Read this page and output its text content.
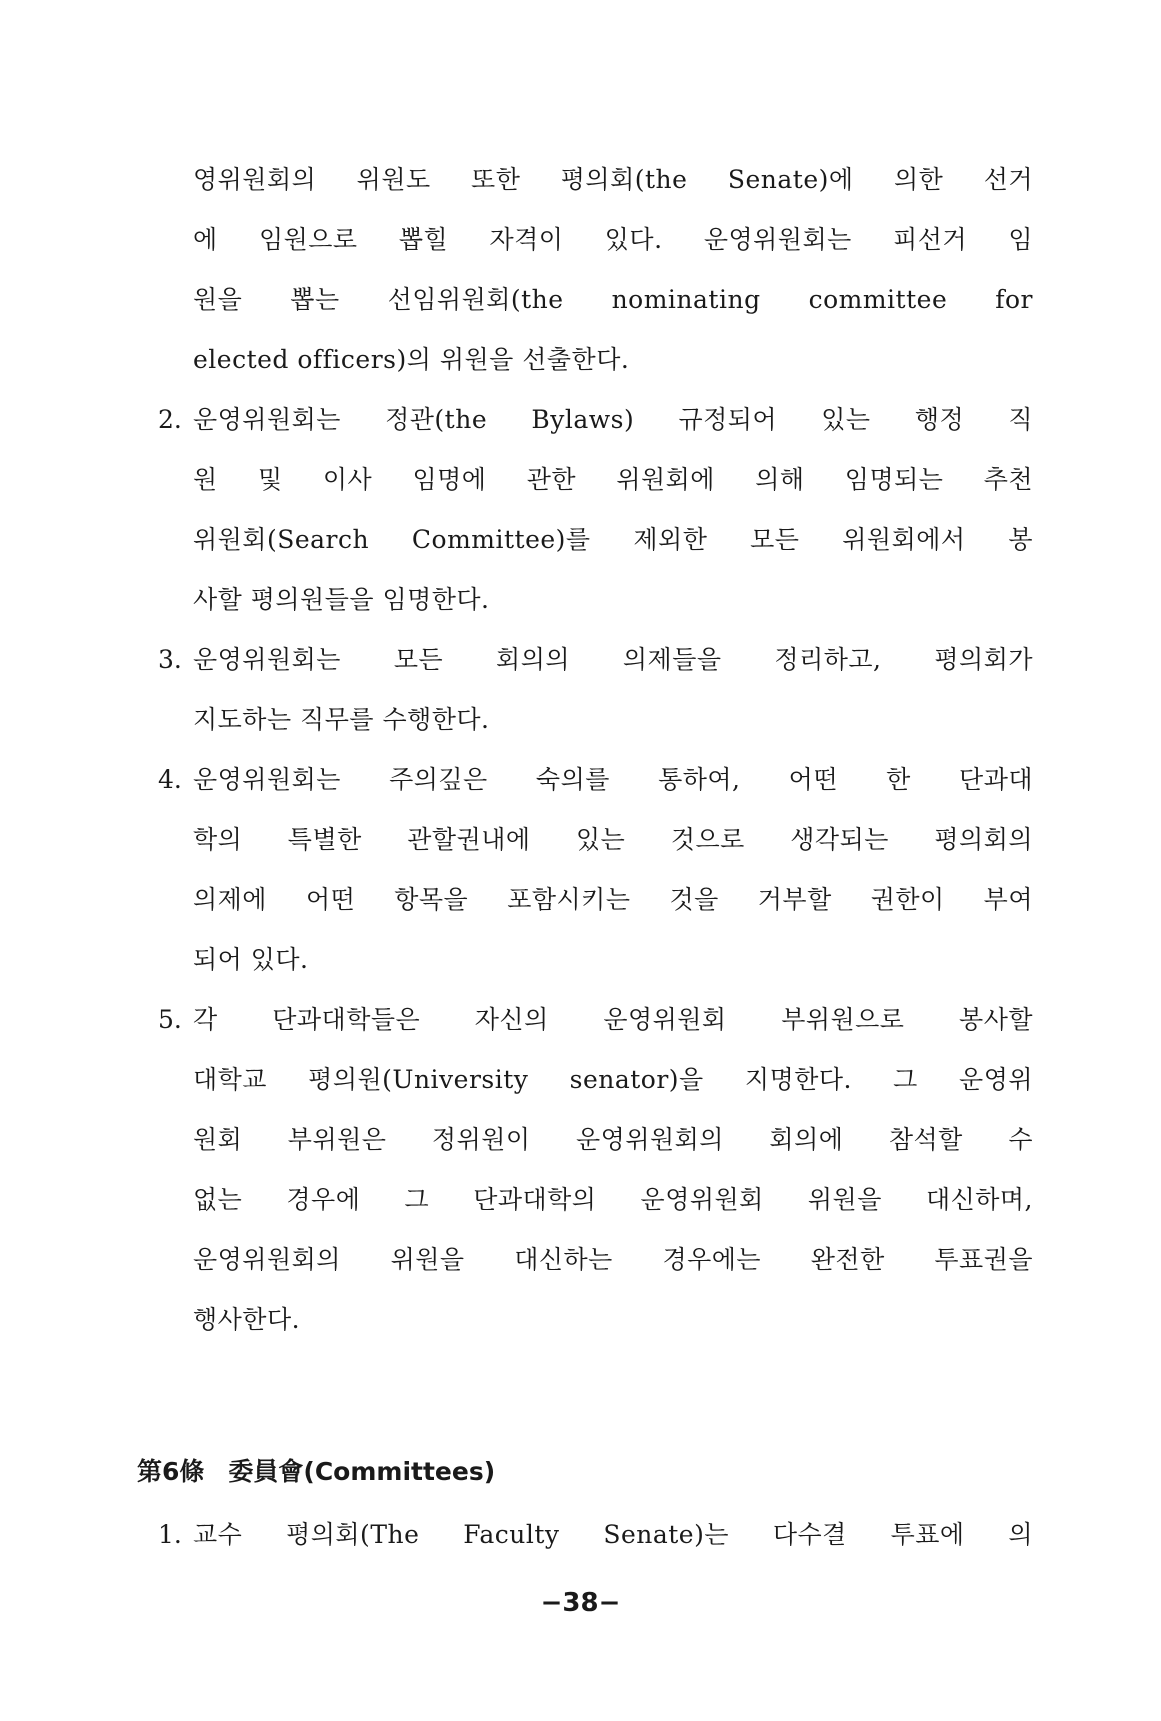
영위원회의 위원도 또한 평의회(the Senate)에 의한 선거
에 임원으로 뽑힐 자격이 있다. 운영위원회는 피선거 임
원을 뽑는 선임위원회(the nominating committee for
elected officers)의 위원을 선출한다.
2. 운영위원회는 정관(the Bylaws) 규정되어 있는 행정 직
원 및 이사 임명에 관한 위원회에 의해 임명되는 추천
위원회(Search Committee)를 제외한 모든 위원회에서 봉
사할 평의원들을 임명한다.
3. 운영위원회는 모든 회의의 의제들을 정리하고, 평의회가
지도하는 직무를 수행한다.
4. 운영위원회는 주의깊은 숙의를 통하여, 어떤 한 단과대
학의 특별한 관할권내에 있는 것으로 생각되는 평의회의
의제에 어떤 항목을 포함시키는 것을 거부할 권한이 부여
되어 있다.
5. 각 단과대학들은 자신의 운영위원회 부위원으로 봉사할
대학교 평의원(University senator)을 지명한다. 그 운영위
원회 부위원은 정위원이 운영위원회의 회의에 참석할 수
없는 경우에 그 단과대학의 운영위원회 위원을 대신하며,
운영위원회의 위원을 대신하는 경우에는 완전한 투표권을
행사한다.
第6條 委員會(Committees)
1. 교수 평의회(The Faculty Senate)는 다수결 투표에 의
−38−
